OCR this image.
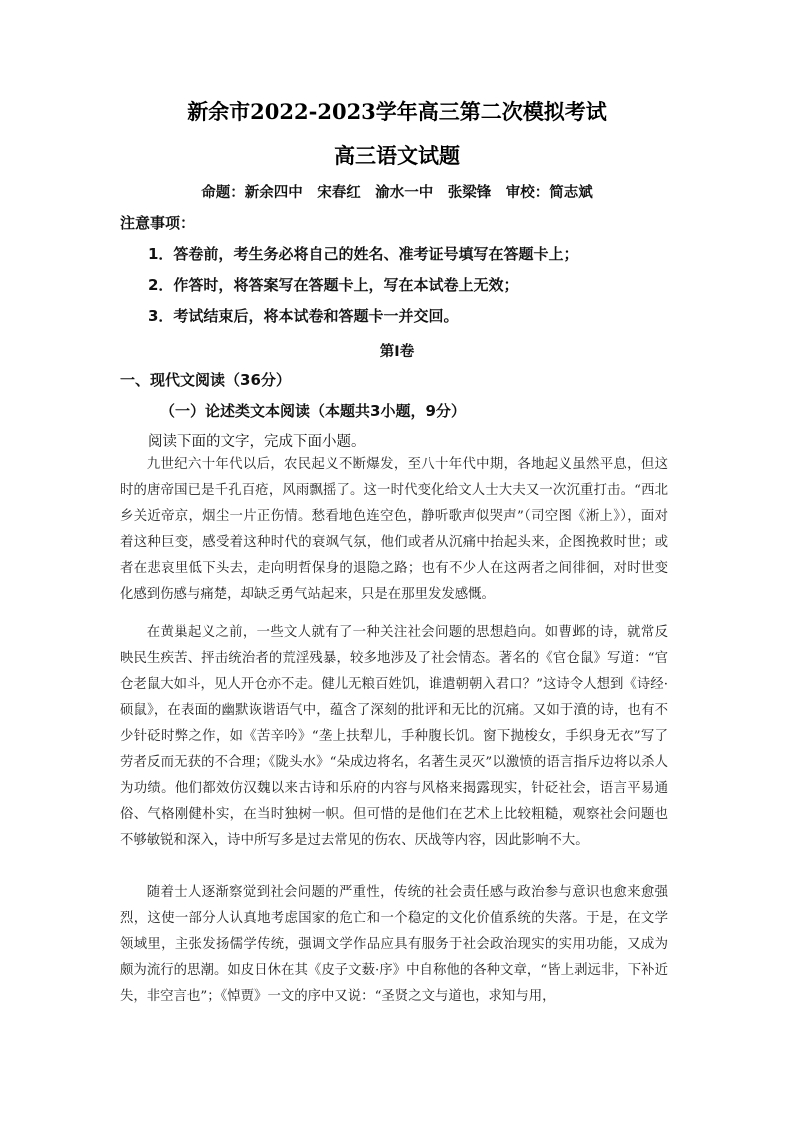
新余市2022-2023学年高三第二次模拟考试
高三语文试题
命题：新余四中　宋春红　渝水一中　张梁锋　审校：简志斌
注意事项：
1．答卷前，考生务必将自己的姓名、准考证号填写在答题卡上；
2．作答时，将答案写在答题卡上，写在本试卷上无效；
3．考试结束后，将本试卷和答题卡一并交回。
第Ⅰ卷
一、现代文阅读（36分）
（一）论述类文本阅读（本题共3小题，9分）
阅读下面的文字，完成下面小题。
九世纪六十年代以后，农民起义不断爆发，至八十年代中期，各地起义虽然平息，但这时的唐帝国已是千孔百疮，风雨飘摇了。这一时代变化给文人士大夫又一次沉重打击。“西北乡关近帝京，烟尘一片正伤情。愁看地色连空色，静听歌声似哭声”（司空图《淅上》），面对着这种巨变，感受着这种时代的衰飒气氛，他们或者从沉痛中抬起头来，企图挽救时世；或者在悲哀里低下头去，走向明哲保身的退隐之路；也有不少人在这两者之间徘徊，对时世变化感到伤感与痛楚，却缺乏勇气站起来，只是在那里发发感慨。
在黄巢起义之前，一些文人就有了一种关注社会问题的思想趋向。如曹邺的诗，就常反映民生疾苦、抨击统治者的荒淫残暴，较多地涉及了社会情态。著名的《官仓鼠》写道：“官仓老鼠大如斗，见人开仓亦不走。健儿无粮百姓饥，谁遣朝朝入君口？”这诗令人想到《诗经·硕鼠》，在表面的幽默诙谐语气中，蕴含了深刻的批评和无比的沉痛。又如于濆的诗，也有不少针砭时弊之作，如《苦辛吟》“垄上扶犁儿，手种腹长饥。窗下抛梭女，手织身无衣”写了劳者反而无获的不合理；《陇头水》“朵成边将名，名著生灵灭”以激愤的语言指斥边将以杀人为功绩。他们都效仿汉魏以来古诗和乐府的内容与风格来揭露现实，针砭社会，语言平易通俗、气格刚健朴实，在当时独树一帜。但可惜的是他们在艺术上比较粗糙，观察社会问题也不够敏锐和深入，诗中所写多是过去常见的伤农、厌战等内容，因此影响不大。
随着士人逐渐察觉到社会问题的严重性，传统的社会责任感与政治参与意识也愈来愈强烈，这使一部分人认真地考虑国家的危亡和一个稳定的文化价值系统的失落。于是，在文学领域里，主张发扬儒学传统，强调文学作品应具有服务于社会政治现实的实用功能，又成为颇为流行的思潮。如皮日休在其《皮子文薮·序》中自称他的各种文章，“皆上剥远非，下补近失，非空言也”；《悼贾》一文的序中又说：“圣贤之文与道也，求知与用，
